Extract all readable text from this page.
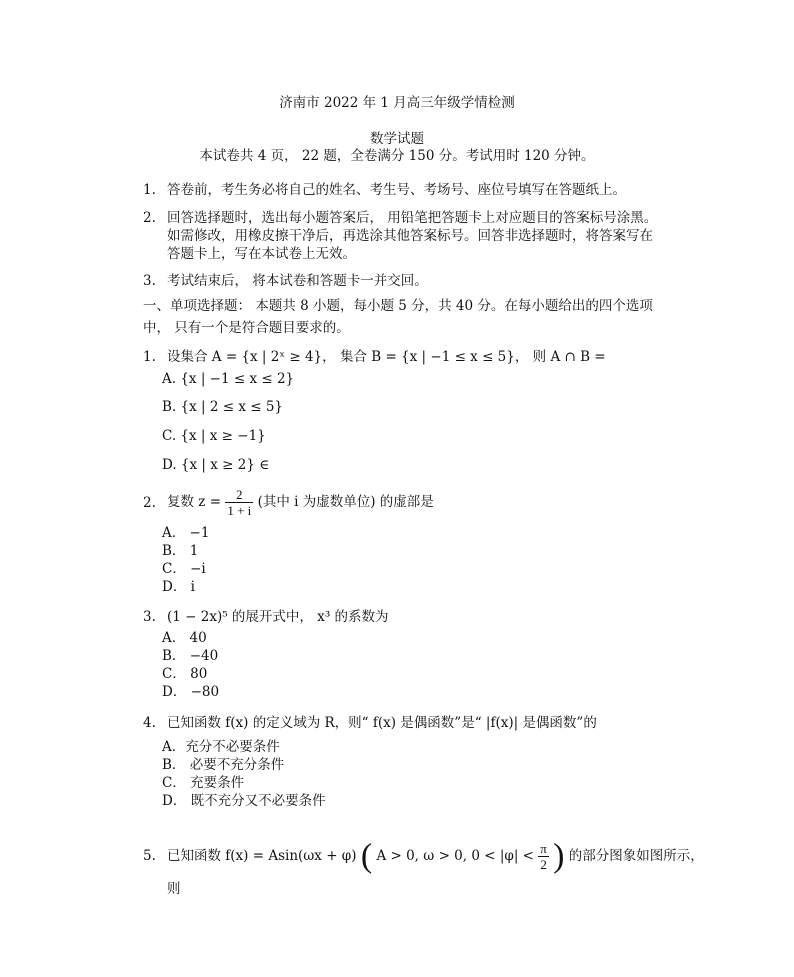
济南市 2022 年 1 月高三年级学情检测
数学试题
本试卷共 4 页， 22 题，全卷满分 150 分。考试用时 120 分钟。
1. 答卷前，考生务必将自己的姓名、考生号、考场号、座位号填写在答题纸上。
2. 回答选择题时，选出每小题答案后， 用铅笔把答题卡上对应题目的答案标号涂黑。
如需修改，用橡皮擦干净后，再选涂其他答案标号。回答非选择题时，将答案写在
答题卡上，写在本试卷上无效。
3. 考试结束后， 将本试卷和答题卡一并交回。
一、单项选择题： 本题共 8 小题，每小题 5 分，共 40 分。在每小题给出的四个选项
中， 只有一个是符合题目要求的。
1. 设集合 A = {x | 2ˣ ≥ 4}， 集合 B = {x | −1 ≤ x ≤ 5}， 则 A ∩ B =
A. {x | −1 ≤ x ≤ 2}
B. {x | 2 ≤ x ≤ 5}
C. {x | x ≥ −1}
D. {x | x ≥ 2} ∈
2. 复数 $z = \frac{2}{1 + i}$ (其中 i 为虚数单位) 的虚部是
A． −1
B． 1
C． −i
D． i
3. (1 − 2x)⁵ 的展开式中， x³ 的系数为
A． 40
B． −40
C． 80
D． −80
4. 已知函数 f(x) 的定义域为 R，则“ f(x) 是偶函数”是“ |f(x)| 是偶函数”的
A．充分不必要条件
B． 必要不充分条件
C． 充要条件
D． 既不充分又不必要条件
5. 已知函数 f(x) = Asin(ωx + φ) ( A > 0, ω > 0, $0 < |\varphi| < \frac{\pi}{2}$ ) 的部分图象如图所示，
则
